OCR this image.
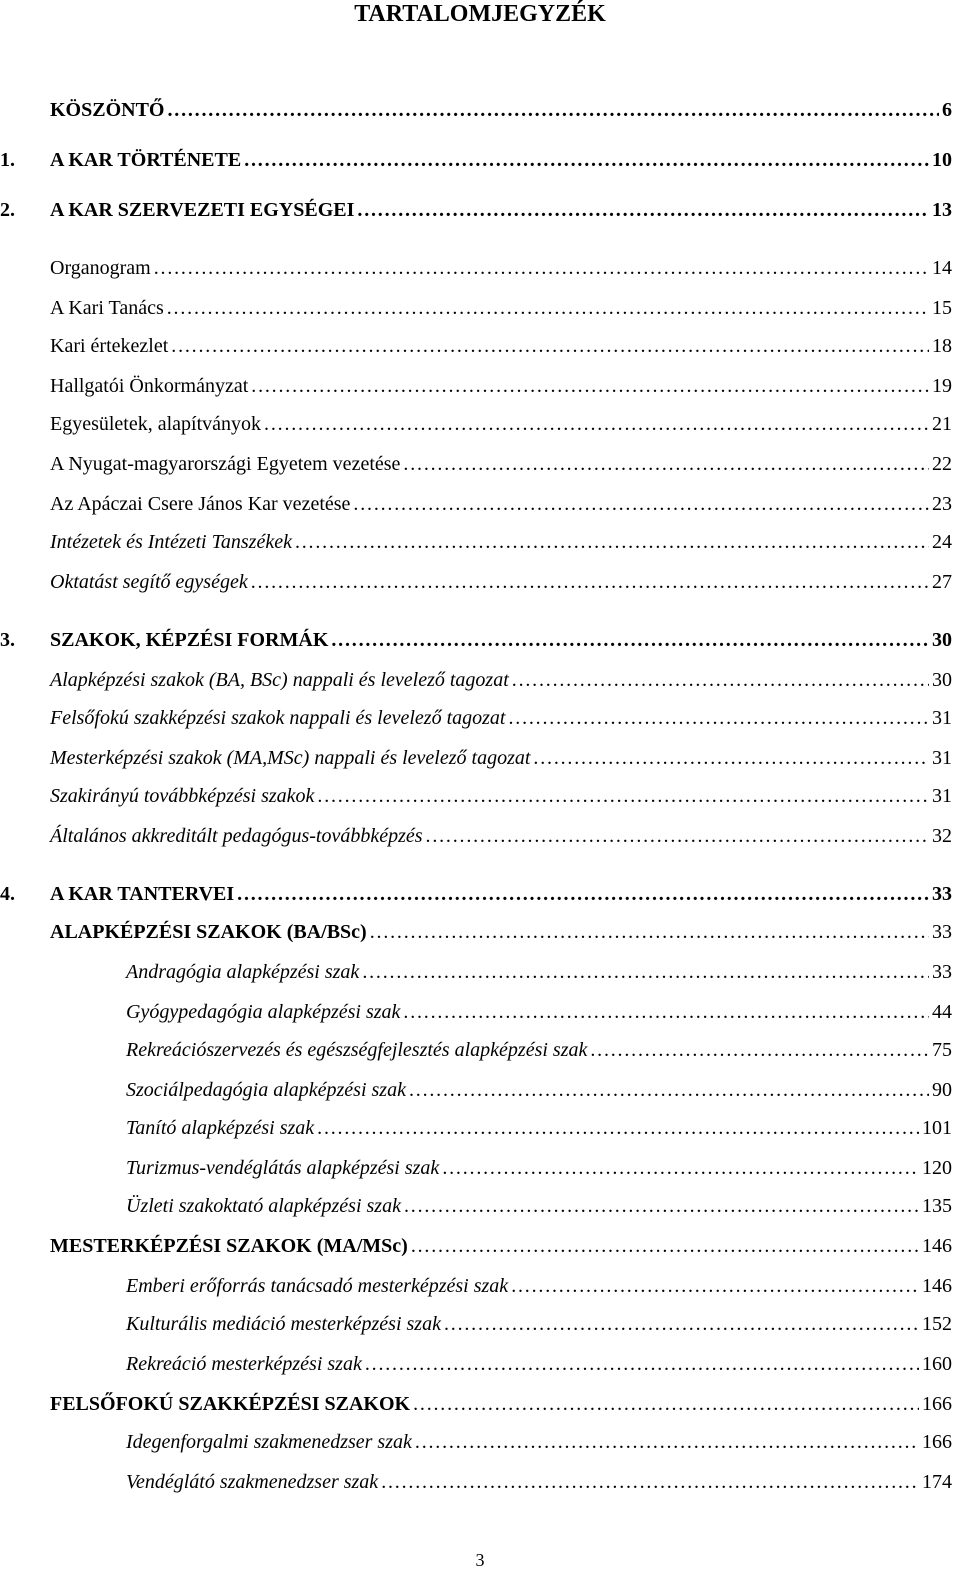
TARTALOMJEGYZÉK
KÖSZÖNTŐ . . .	6
1.	A KAR TÖRTÉNETE . . .	10
2.	A KAR SZERVEZETI EGYSÉGEI . . .	13
Organogram . . .	14
A Kari Tanács . . .	15
Kari értekezlet . . .	18
Hallgatói Önkormányzat . . .	19
Egyesületek, alapítványok . . .	21
A Nyugat-magyarországi Egyetem vezetése . . .	22
Az Apáczai Csere János Kar vezetése . . .	23
Intézetek és Intézeti Tanszékek . . .	24
Oktatást segítő egységek . . .	27
3.	SZAKOK, KÉPZÉSI FORMÁK . . .	30
Alapképzési szakok (BA, BSc) nappali és levelező tagozat . . .	30
Felsőfokú szakképzési szakok nappali és levelező tagozat . . .	31
Mesterképzési szakok (MA,MSc) nappali és levelező tagozat . . .	31
Szakirányú továbbképzési szakok . . .	31
Általános akkreditált pedagógus-továbbképzés . . .	32
4.	A KAR TANTERVEI . . .	33
ALAPKÉPZÉSI SZAKOK (BA/BSc) . . .	33
Andragógia alapképzési szak . . .	33
Gyógypedagógia alapképzési szak . . .	44
Rekreációszervezés és egészségfejlesztés alapképzési szak . . .	75
Szociálpedagógia alapképzési szak . . .	90
Tanító alapképzési szak . . .	101
Turizmus-vendéglátás alapképzési szak . . .	120
Üzleti szakoktató alapképzési szak . . .	135
MESTERKÉPZÉSI SZAKOK (MA/MSc) . . .	146
Emberi erőforrás tanácsadó mesterképzési szak . . .	146
Kulturális mediáció mesterképzési szak . . .	152
Rekreáció mesterképzési szak . . .	160
FELSŐFOKÚ SZAKKÉPZÉSI SZAKOK . . .	166
Idegenforgalmi szakmenedzser szak . . .	166
Vendéglátó szakmenedzser szak . . .	174
3
